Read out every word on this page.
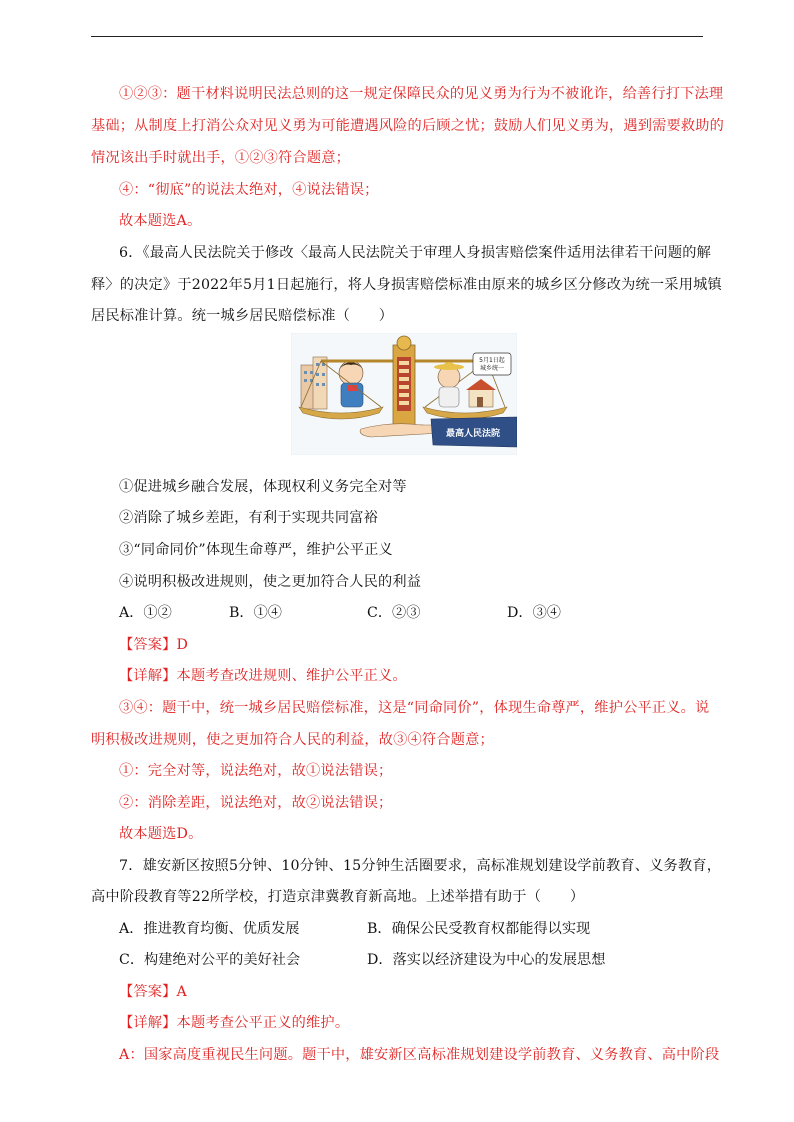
①②③：题干材料说明民法总则的这一规定保障民众的见义勇为行为不被讹诈，给善行打下法理
基础；从制度上打消公众对见义勇为可能遭遇风险的后顾之忧；鼓励人们见义勇为，遇到需要救助的
情况该出手时就出手，①②③符合题意；
④：“彻底”的说法太绝对，④说法错误；
故本题选A。
6．《最高人民法院关于修改〈最高人民法院关于审理人身损害赔偿案件适用法律若干问题的解
释〉的决定》于2022年5月1日起施行，将人身损害赔偿标准由原来的城乡区分修改为统一采用城镇
居民标准计算。统一城乡居民赔偿标准（　　）
5月1日起
城乡统一
最高人民法院
①促进城乡融合发展，体现权利义务完全对等
②消除了城乡差距，有利于实现共同富裕
③“同命同价”体现生命尊严，维护公平正义
④说明积极改进规则，使之更加符合人民的利益
A．①②	B．①④	C．②③	D．③④
【答案】D
【详解】本题考查改进规则、维护公平正义。
③④：题干中，统一城乡居民赔偿标准，这是“同命同价”，体现生命尊严，维护公平正义。说
明积极改进规则，使之更加符合人民的利益，故③④符合题意；
①：完全对等，说法绝对，故①说法错误；
②：消除差距，说法绝对，故②说法错误；
故本题选D。
7．雄安新区按照5分钟、10分钟、15分钟生活圈要求，高标准规划建设学前教育、义务教育，
高中阶段教育等22所学校，打造京津冀教育新高地。上述举措有助于（　　）
A．推进教育均衡、优质发展	B．确保公民受教育权都能得以实现
C．构建绝对公平的美好社会	D．落实以经济建设为中心的发展思想
【答案】A
【详解】本题考查公平正义的维护。
A：国家高度重视民生问题。题干中，雄安新区高标准规划建设学前教育、义务教育、高中阶段
